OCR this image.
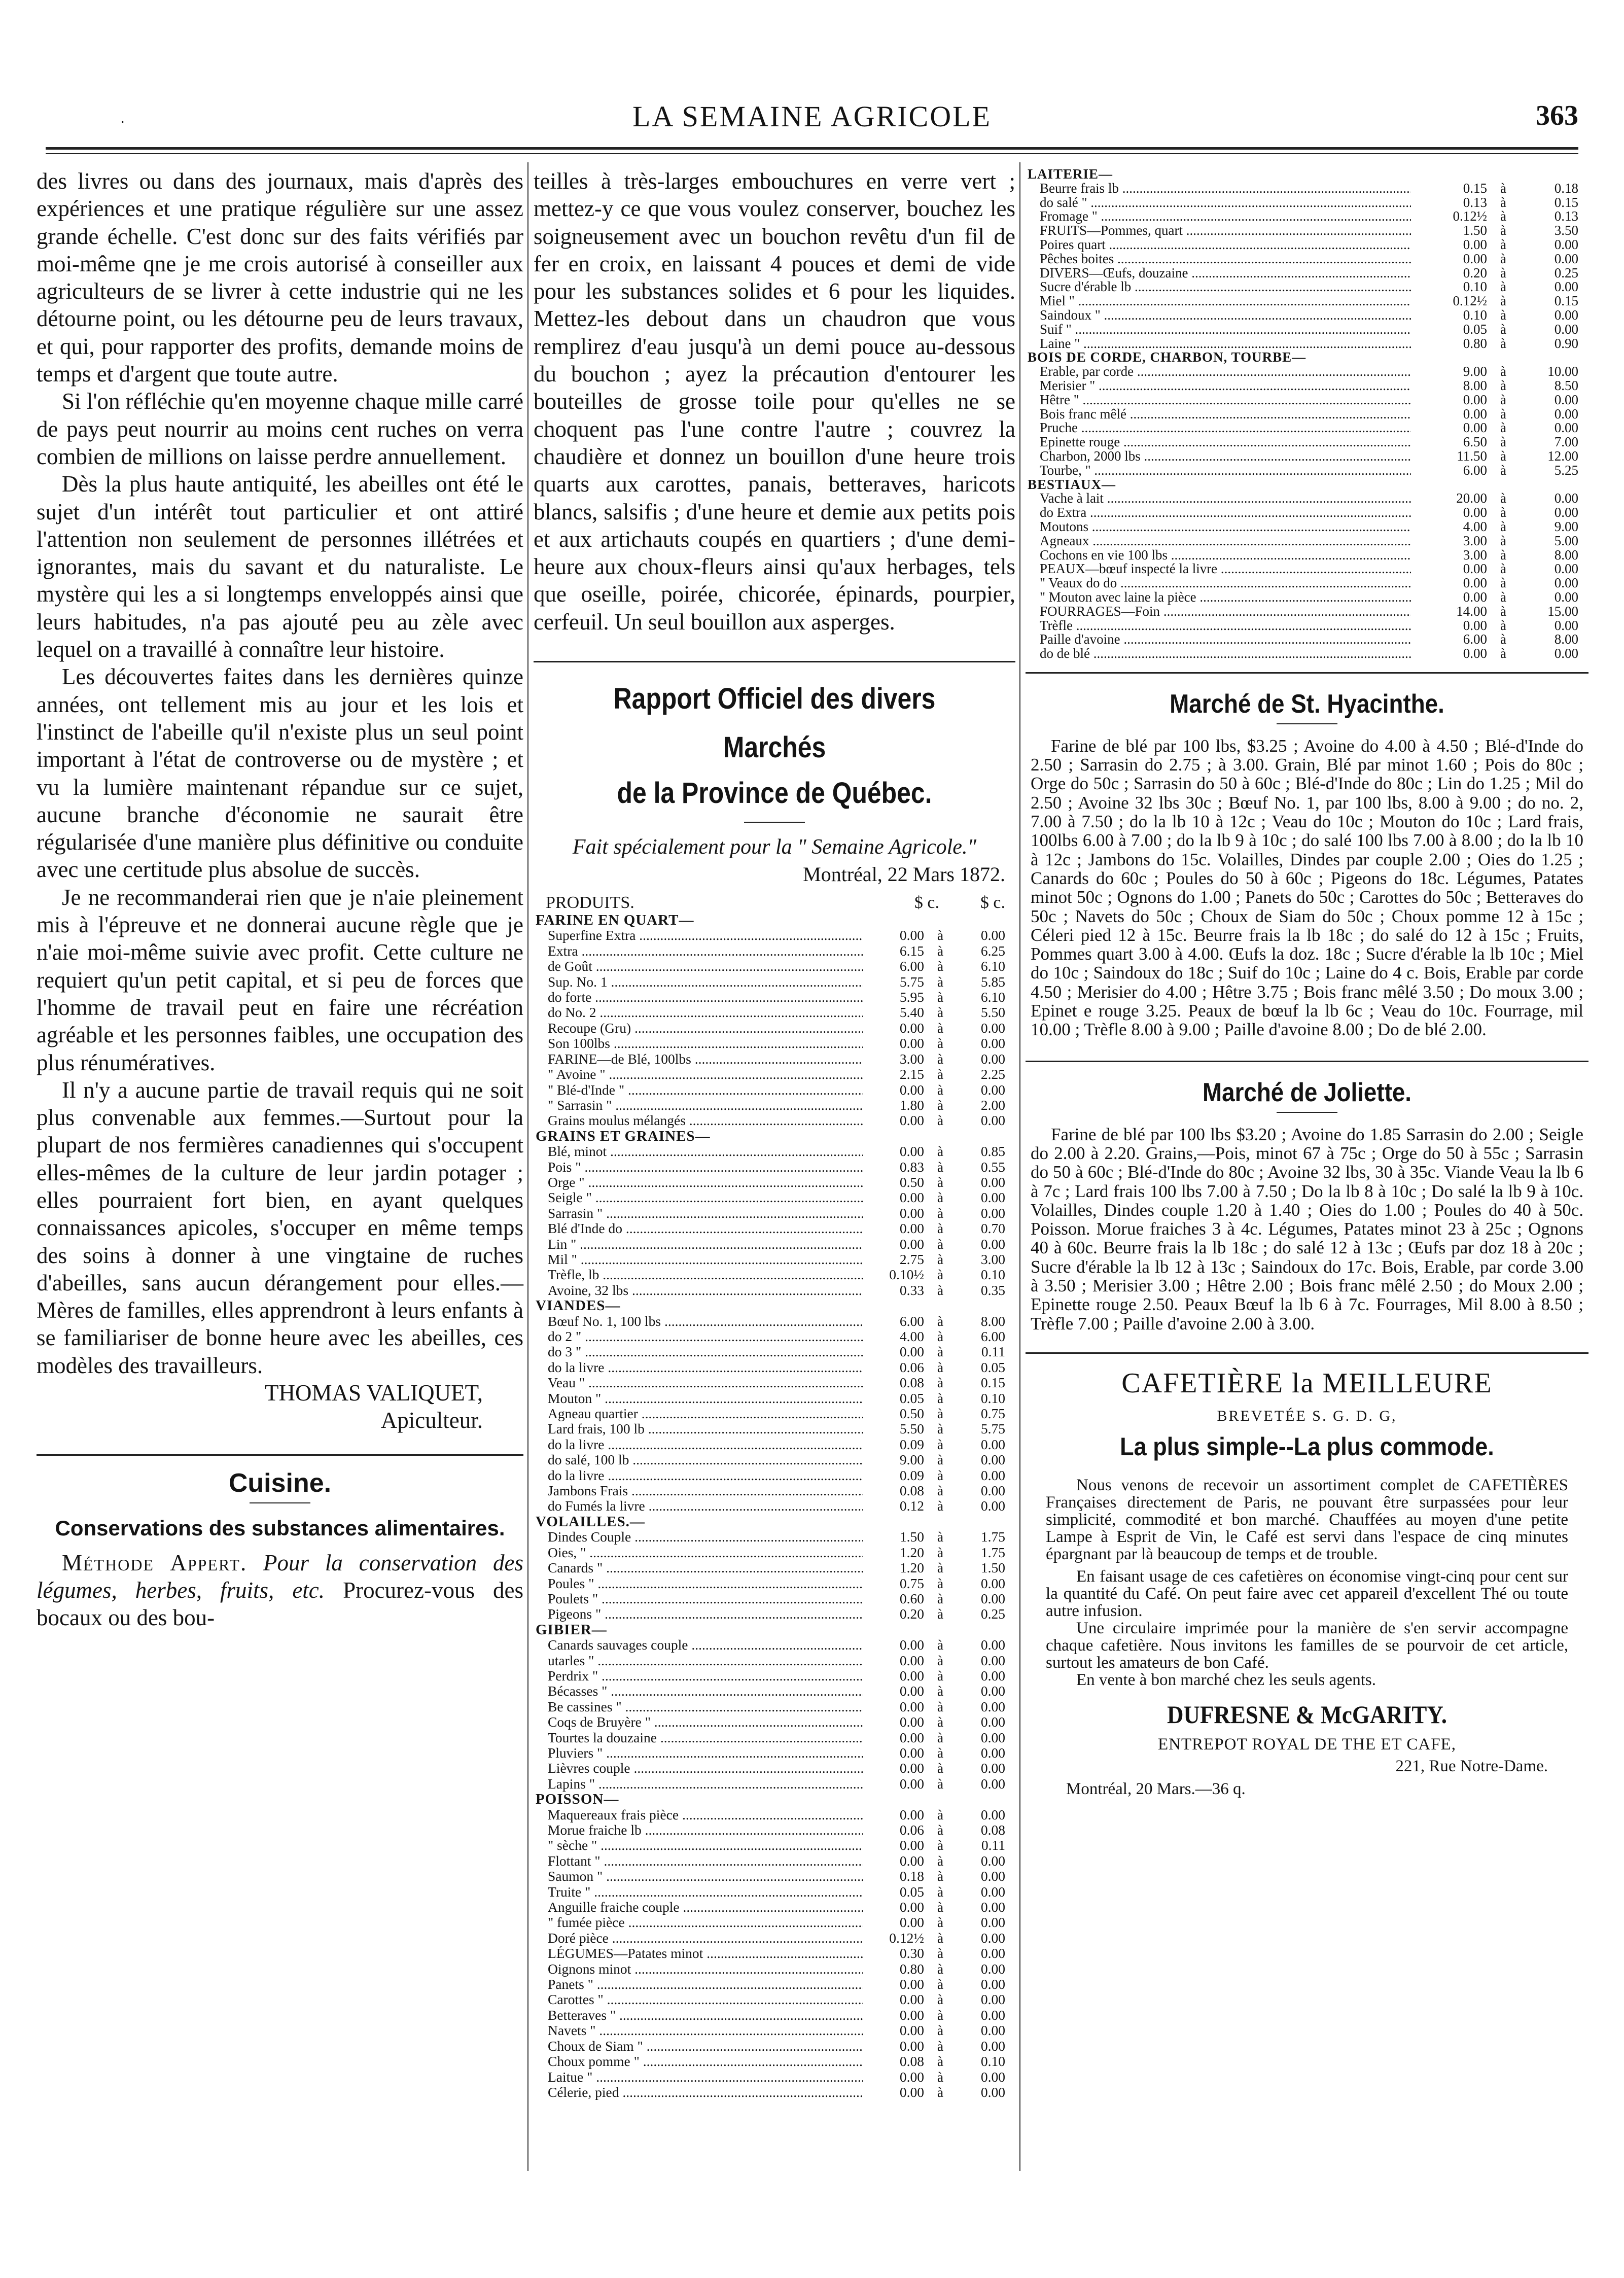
.	LA SEMAINE AGRICOLE	363

des livres ou dans des journaux, mais d'après des expériences et une pratique régulière sur une assez grande échelle. C'est donc sur des faits vérifiés par moi-même qne je me crois autorisé à conseiller aux agriculteurs de se livrer à cette industrie qui ne les détourne point, ou les détourne peu de leurs travaux, et qui, pour rapporter des profits, demande moins de temps et d'argent que toute autre.

Si l'on réfléchie qu'en moyenne chaque mille carré de pays peut nourrir au moins cent ruches on verra combien de millions on laisse perdre annuellement.

Dès la plus haute antiquité, les abeilles ont été le sujet d'un intérêt tout particulier et ont attiré l'attention non seulement de personnes illétrées et ignorantes, mais du savant et du naturaliste. Le mystère qui les a si longtemps enveloppés ainsi que leurs habitudes, n'a pas ajouté peu au zèle avec lequel on a travaillé à connaître leur histoire.

Les découvertes faites dans les dernières quinze années, ont tellement mis au jour et les lois et l'instinct de l'abeille qu'il n'existe plus un seul point important à l'état de controverse ou de mystère ; et vu la lumière maintenant répandue sur ce sujet, aucune branche d'économie ne saurait être régularisée d'une manière plus définitive ou conduite avec une certitude plus absolue de succès.

Je ne recommanderai rien que je n'aie pleinement mis à l'épreuve et ne donnerai aucune règle que je n'aie moi-même suivie avec profit. Cette culture ne requiert qu'un petit capital, et si peu de forces que l'homme de travail peut en faire une récréation agréable et les personnes faibles, une occupation des plus rénumératives.

Il n'y a aucune partie de travail requis qui ne soit plus convenable aux femmes.—Surtout pour la plupart de nos fermières canadiennes qui s'occupent elles-mêmes de la culture de leur jardin potager ; elles pourraient fort bien, en ayant quelques connaissances apicoles, s'occuper en même temps des soins à donner à une vingtaine de ruches d'abeilles, sans aucun dérangement pour elles.—Mères de familles, elles apprendront à leurs enfants à se familiariser de bonne heure avec les abeilles, ces modèles des travailleurs.

THOMAS VALIQUET,

Apiculteur.

Cuisine.
Conservations des substances alimentaires.

Méthode Appert. Pour la conservation des légumes, herbes, fruits, etc. Procurez-vous des bocaux ou des bou-

teilles à très-larges embouchures en verre vert ; mettez-y ce que vous voulez conserver, bouchez les soigneusement avec un bouchon revêtu d'un fil de fer en croix, en laissant 4 pouces et demi de vide pour les substances solides et 6 pour les liquides. Mettez-les debout dans un chaudron que vous remplirez d'eau jusqu'à un demi pouce au-dessous du bouchon ; ayez la précaution d'entourer les bouteilles de grosse toile pour qu'elles ne se choquent pas l'une contre l'autre ; couvrez la chaudière et donnez un bouillon d'une heure trois quarts aux carottes, panais, betteraves, haricots blancs, salsifis ; d'une heure et demie aux petits pois et aux artichauts coupés en quartiers ; d'une demi-heure aux choux-fleurs ainsi qu'aux herbages, tels que oseille, poirée, chicorée, épinards, pourpier, cerfeuil. Un seul bouillon aux asperges.

Rapport Officiel des divers Marchés
de la Province de Québec.
Fait spécialement pour la " Semaine Agricole."
Montréal, 22 Mars 1872.
PRODUITS.	$ c.	$ c.
FARINE EN QUART—
Superfine Extra .....	0.00 à	0.00
Extra .....	6.15 à	6.25
de Goût .....	6.00 à	6.10
Sup. No. 1 .....	5.75 à	5.85
do forte .....	5.95 à	6.10
do No. 2 .....	5.40 à	5.50
Recoupe (Gru) .....	0.00 à	0.00
Son 100lbs .....	0.00 à	0.00
FARINE—de Blé, 100lbs .....	3.00 à	0.00
" Avoine " .....	2.15 à	2.25
" Blé-d'Inde " .....	0.00 à	0.00
" Sarrasin " .....	1.80 à	2.00
Grains moulus mélangés .....	0.00 à	0.00
GRAINS ET GRAINES—
Blé, minot .....	0.00 à	0.85
Pois " .....	0.83 à	0.55
Orge " .....	0.50 à	0.00
Seigle " .....	0.00 à	0.00
Sarrasin " .....	0.00 à	0.00
Blé d'Inde do .....	0.00 à	0.70
Lin " .....	0.00 à	0.00
Mil " .....	2.75 à	3.00
Trèfle, lb .....	0.10½ à	0.10
Avoine, 32 lbs .....	0.33 à	0.35
VIANDES—
Bœuf No. 1, 100 lbs .....	6.00 à	8.00
do 2 " .....	4.00 à	6.00
do 3 " .....	0.00 à	0.11
do la livre .....	0.06 à	0.05
Veau " .....	0.08 à	0.15
Mouton " .....	0.05 à	0.10
Agneau quartier .....	0.50 à	0.75
Lard frais, 100 lb .....	5.50 à	5.75
do la livre .....	0.09 à	0.00
do salé, 100 lb .....	9.00 à	0.00
do la livre .....	0.09 à	0.00
Jambons Frais .....	0.08 à	0.00
do Fumés la livre .....	0.12 à	0.00
VOLAILLES.—
Dindes Couple .....	1.50 à	1.75
Oies, " .....	1.20 à	1.75
Canards " .....	1.20 à	1.50
Poules " .....	0.75 à	0.00
Poulets " .....	0.60 à	0.00
Pigeons " .....	0.20 à	0.25
GIBIER—
Canards sauvages couple .....	0.00 à	0.00
utarles " .....	0.00 à	0.00
Perdrix " .....	0.00 à	0.00
Bécasses " .....	0.00 à	0.00
Be cassines " .....	0.00 à	0.00
Coqs de Bruyère " .....	0.00 à	0.00
Tourtes la douzaine .....	0.00 à	0.00
Pluviers " .....	0.00 à	0.00
Lièvres couple .....	0.00 à	0.00
Lapins " .....	0.00 à	0.00
POISSON—
Maquereaux frais pièce .....	0.00 à	0.00
Morue fraiche lb .....	0.06 à	0.08
" sèche " .....	0.00 à	0.11
Flottant " .....	0.00 à	0.00
Saumon " .....	0.18 à	0.00
Truite " .....	0.05 à	0.00
Anguille fraiche couple .....	0.00 à	0.00
" fumée pièce .....	0.00 à	0.00
Doré pièce .....	0.12½ à	0.00
LÉGUMES—Patates minot .....	0.30 à	0.00
Oignons minot .....	0.80 à	0.00
Panets " .....	0.00 à	0.00
Carottes " .....	0.00 à	0.00
Betteraves " .....	0.00 à	0.00
Navets " .....	0.00 à	0.00
Choux de Siam " .....	0.00 à	0.00
Choux pomme " .....	0.08 à	0.10
Laitue " .....	0.00 à	0.00
Célerie, pied .....	0.00 à	0.00
LAITERIE—
Beurre frais lb .....	0.15 à	0.18
do salé " .....	0.13 à	0.15
Fromage " .....	0.12½ à	0.13
FRUITS—Pommes, quart .....	1.50 à	3.50
Poires quart .....	0.00 à	0.00
Pêches boites .....	0.00 à	0.00
DIVERS—Œufs, douzaine .....	0.20 à	0.25
Sucre d'érable lb .....	0.10 à	0.00
Miel " .....	0.12½ à	0.15
Saindoux " .....	0.10 à	0.00
Suif " .....	0.05 à	0.00
Laine " .....	0.80 à	0.90
BOIS DE CORDE, CHARBON, TOURBE—
Erable, par corde .....	9.00 à	10.00
Merisier " .....	8.00 à	8.50
Hêtre " .....	0.00 à	0.00
Bois franc mêlé .....	0.00 à	0.00
Pruche .....	0.00 à	0.00
Epinette rouge .....	6.50 à	7.00
Charbon, 2000 lbs .....	11.50 à	12.00
Tourbe, " .....	6.00 à	5.25
BESTIAUX—
Vache à lait .....	20.00 à	0.00
do Extra .....	0.00 à	0.00
Moutons .....	4.00 à	9.00
Agneaux .....	3.00 à	5.00
Cochons en vie 100 lbs .....	3.00 à	8.00
PEAUX—bœuf inspecté la livre .....	0.00 à	0.00
" Veaux do do .....	0.00 à	0.00
" Mouton avec laine la pièce .....	0.00 à	0.00
FOURRAGES—Foin .....	14.00 à	15.00
Trèfle .....	0.00 à	0.00
Paille d'avoine .....	6.00 à	8.00
do de blé .....	0.00 à	0.00
Marché de St. Hyacinthe.

Farine de blé par 100 lbs, $3.25 ; Avoine do 4.00 à 4.50 ; Blé-d'Inde do 2.50 ; Sarrasin do 2.75 ; à 3.00. Grain, Blé par minot 1.60 ; Pois do 80c ; Orge do 50c ; Sarrasin do 50 à 60c ; Blé-d'Inde do 80c ; Lin do 1.25 ; Mil do 2.50 ; Avoine 32 lbs 30c ; Bœuf No. 1, par 100 lbs, 8.00 à 9.00 ; do no. 2, 7.00 à 7.50 ; do la lb 10 à 12c ; Veau do 10c ; Mouton do 10c ; Lard frais, 100lbs 6.00 à 7.00 ; do la lb 9 à 10c ; do salé 100 lbs 7.00 à 8.00 ; do la lb 10 à 12c ; Jambons do 15c. Volailles, Dindes par couple 2.00 ; Oies do 1.25 ; Canards do 60c ; Poules do 50 à 60c ; Pigeons do 18c. Légumes, Patates minot 50c ; Ognons do 1.00 ; Panets do 50c ; Carottes do 50c ; Betteraves do 50c ; Navets do 50c ; Choux de Siam do 50c ; Choux pomme 12 à 15c ; Céleri pied 12 à 15c. Beurre frais la lb 18c ; do salé do 12 à 15c ; Fruits, Pommes quart 3.00 à 4.00. Œufs la doz. 18c ; Sucre d'érable la lb 10c ; Miel do 10c ; Saindoux do 18c ; Suif do 10c ; Laine do 4 c. Bois, Erable par corde 4.50 ; Merisier do 4.00 ; Hêtre 3.75 ; Bois franc mêlé 3.50 ; Do moux 3.00 ; Epinet e rouge 3.25. Peaux de bœuf la lb 6c ; Veau do 10c. Fourrage, mil 10.00 ; Trèfle 8.00 à 9.00 ; Paille d'avoine 8.00 ; Do de blé 2.00.

Marché de Joliette.

Farine de blé par 100 lbs $3.20 ; Avoine do 1.85 Sarrasin do 2.00 ; Seigle do 2.00 à 2.20. Grains,—Pois, minot 67 à 75c ; Orge do 50 à 55c ; Sarrasin do 50 à 60c ; Blé-d'Inde do 80c ; Avoine 32 lbs, 30 à 35c. Viande Veau la lb 6 à 7c ; Lard frais 100 lbs 7.00 à 7.50 ; Do la lb 8 à 10c ; Do salé la lb 9 à 10c. Volailles, Dindes couple 1.20 à 1.40 ; Oies do 1.00 ; Poules do 40 à 50c. Poisson. Morue fraiches 3 à 4c. Légumes, Patates minot 23 à 25c ; Ognons 40 à 60c. Beurre frais la lb 18c ; do salé 12 à 13c ; Œufs par doz 18 à 20c ; Sucre d'érable la lb 12 à 13c ; Saindoux do 17c. Bois, Erable, par corde 3.00 à 3.50 ; Merisier 3.00 ; Hêtre 2.00 ; Bois franc mêlé 2.50 ; do Moux 2.00 ; Epinette rouge 2.50. Peaux Bœuf la lb 6 à 7c. Fourrages, Mil 8.00 à 8.50 ; Trèfle 7.00 ; Paille d'avoine 2.00 à 3.00.

CAFETIÈRE la MEILLEURE
BREVETÉE S. G. D. G,
La plus simple--La plus commode.

Nous venons de recevoir un assortiment complet de CAFETIÈRES Françaises directement de Paris, ne pouvant être surpassées pour leur simplicité, commodité et bon marché. Chauffées au moyen d'une petite Lampe à Esprit de Vin, le Café est servi dans l'espace de cinq minutes épargnant par là beaucoup de temps et de trouble.

En faisant usage de ces cafetières on économise vingt-cinq pour cent sur la quantité du Café. On peut faire avec cet appareil d'excellent Thé ou toute autre infusion.

Une circulaire imprimée pour la manière de s'en servir accompagne chaque cafetière. Nous invitons les familles de se pourvoir de cet article, surtout les amateurs de bon Café.

En vente à bon marché chez les seuls agents.

DUFRESNE & McGARITY.
ENTREPOT ROYAL DE THE ET CAFE,
221, Rue Notre-Dame.
Montréal, 20 Mars.—36 q.
